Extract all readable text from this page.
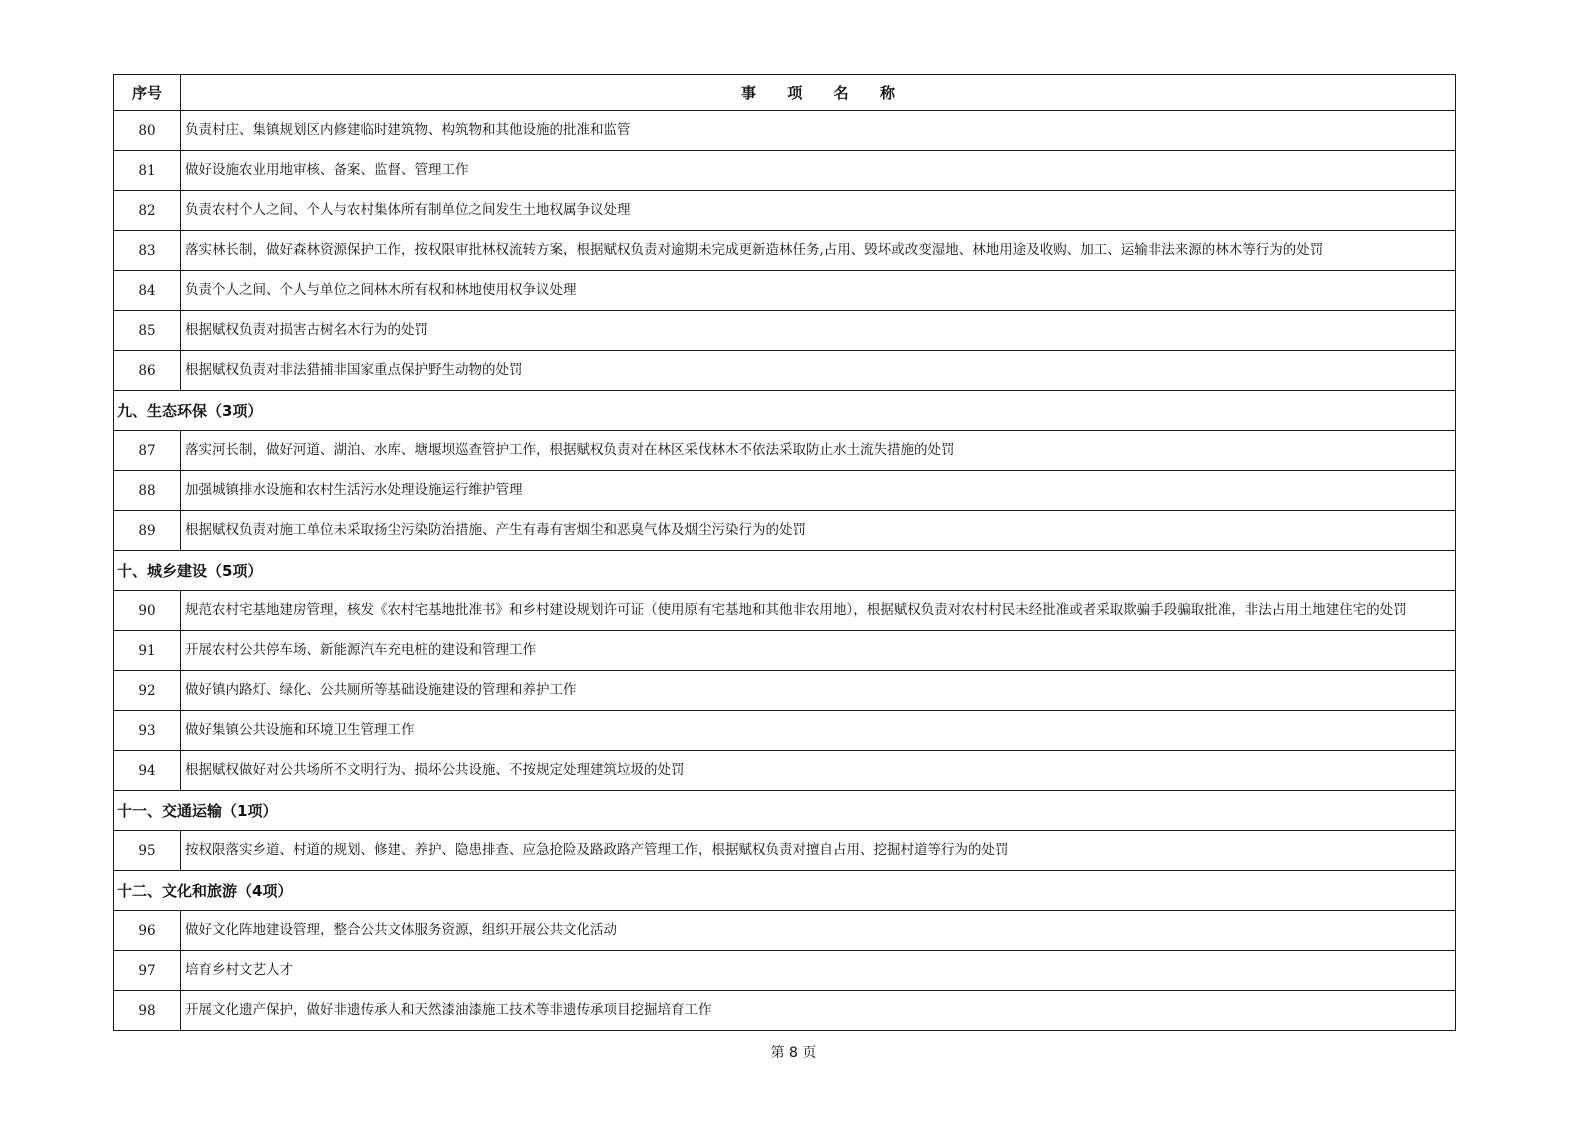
序号	事      项      名      称
80	负责村庄、集镇规划区内修建临时建筑物、构筑物和其他设施的批准和监管
81	做好设施农业用地审核、备案、监督、管理工作
82	负责农村个人之间、个人与农村集体所有制单位之间发生土地权属争议处理
83	落实林长制，做好森林资源保护工作，按权限审批林权流转方案，根据赋权负责对逾期未完成更新造林任务,占用、毁坏或改变湿地、林地用途及收购、加工、运输非法来源的林木等行为的处罚
84	负责个人之间、个人与单位之间林木所有权和林地使用权争议处理
85	根据赋权负责对损害古树名木行为的处罚
86	根据赋权负责对非法猎捕非国家重点保护野生动物的处罚
九、生态环保（3项）	
87	落实河长制，做好河道、湖泊、水库、塘堰坝巡查管护工作，根据赋权负责对在林区采伐林木不依法采取防止水土流失措施的处罚
88	加强城镇排水设施和农村生活污水处理设施运行维护管理
89	根据赋权负责对施工单位未采取扬尘污染防治措施、产生有毒有害烟尘和恶臭气体及烟尘污染行为的处罚
十、城乡建设（5项）	
90	规范农村宅基地建房管理，核发《农村宅基地批准书》和乡村建设规划许可证（使用原有宅基地和其他非农用地），根据赋权负责对农村村民未经批准或者采取欺骗手段骗取批准，非法占用土地建住宅的处罚
91	开展农村公共停车场、新能源汽车充电桩的建设和管理工作
92	做好镇内路灯、绿化、公共厕所等基础设施建设的管理和养护工作
93	做好集镇公共设施和环境卫生管理工作
94	根据赋权做好对公共场所不文明行为、损坏公共设施、不按规定处理建筑垃圾的处罚
十一、交通运输（1项）	
95	按权限落实乡道、村道的规划、修建、养护、隐患排查、应急抢险及路政路产管理工作，根据赋权负责对擅自占用、挖掘村道等行为的处罚
十二、文化和旅游（4项）	
96	做好文化阵地建设管理，整合公共文体服务资源，组织开展公共文化活动
97	培育乡村文艺人才
98	开展文化遗产保护，做好非遗传承人和天然漆油漆施工技术等非遗传承项目挖掘培育工作
第 8 页
